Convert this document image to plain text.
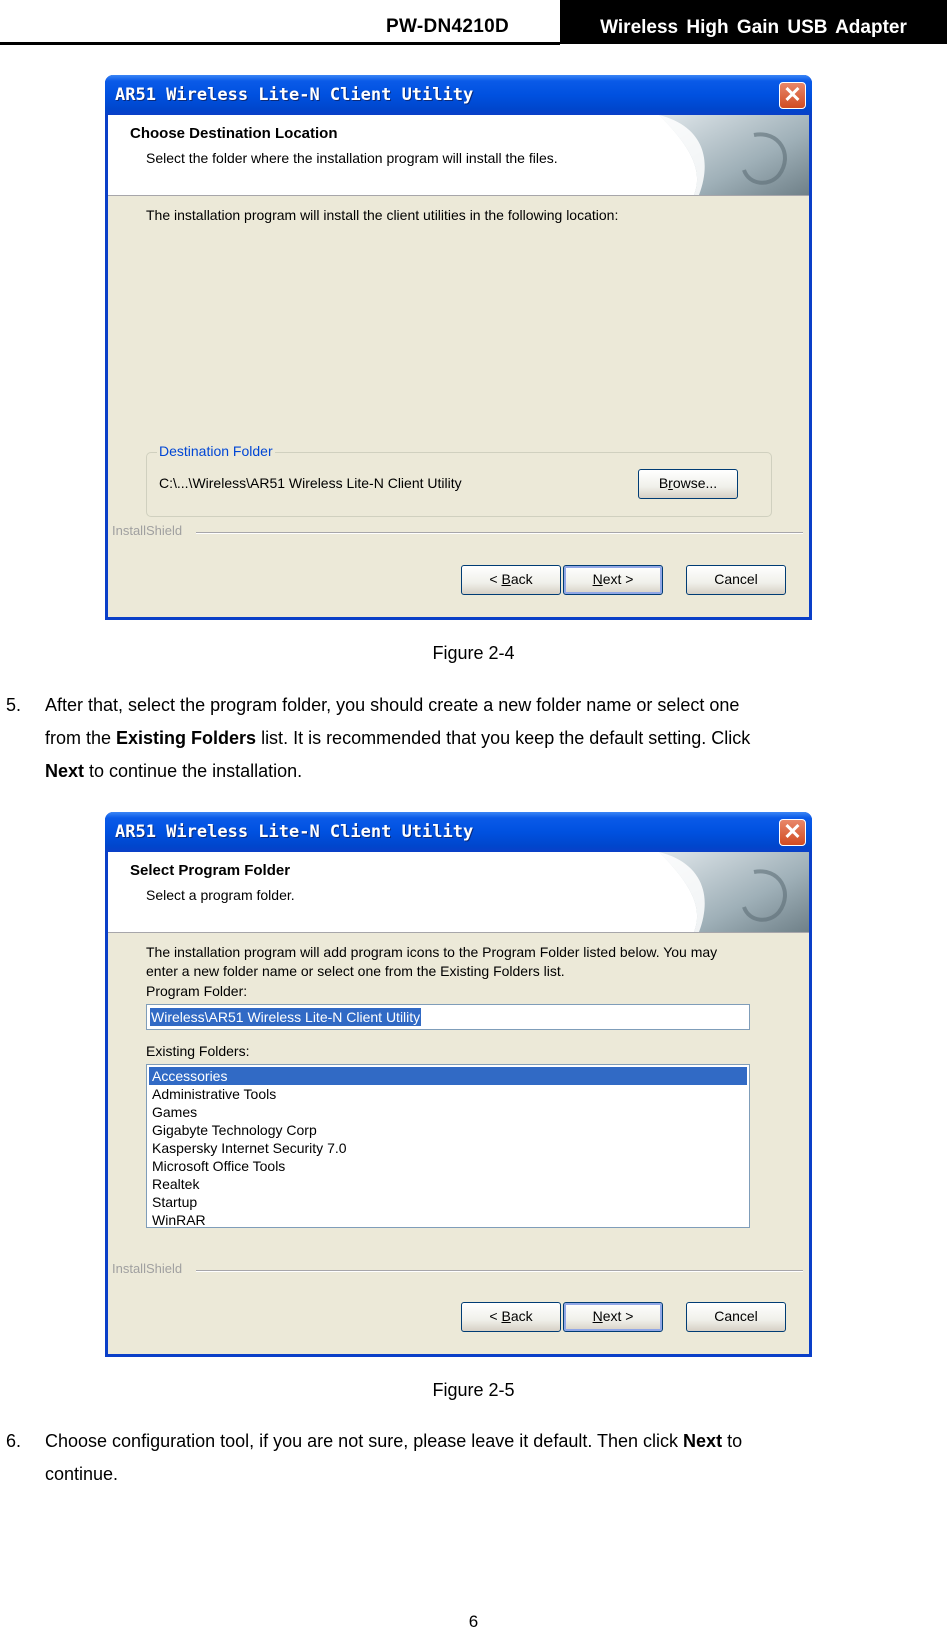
PW-DN4210D	Wireless High Gain USB Adapter
AR51 Wireless Lite-N Client Utility	✕
Choose Destination Location
Select the folder where the installation program will install the files.
The installation program will install the client utilities in the following location:
Destination Folder
C:\...\Wireless\AR51 Wireless Lite-N Client Utility	Browse...
InstallShield
< Back	Next >	Cancel
Figure 2-4
5. After that, select the program folder, you should create a new folder name or select one
from the Existing Folders list. It is recommended that you keep the default setting. Click
Next to continue the installation.
AR51 Wireless Lite-N Client Utility	✕
Select Program Folder
Select a program folder.
The installation program will add program icons to the Program Folder listed below. You may
enter a new folder name or select one from the Existing Folders list.
Program Folder:
Wireless\AR51 Wireless Lite-N Client Utility
Existing Folders:
Accessories
Administrative Tools
Games
Gigabyte Technology Corp
Kaspersky Internet Security 7.0
Microsoft Office Tools
Realtek
Startup
WinRAR
InstallShield
< Back	Next >	Cancel
Figure 2-5
6. Choose configuration tool, if you are not sure, please leave it default. Then click Next to
continue.
6
